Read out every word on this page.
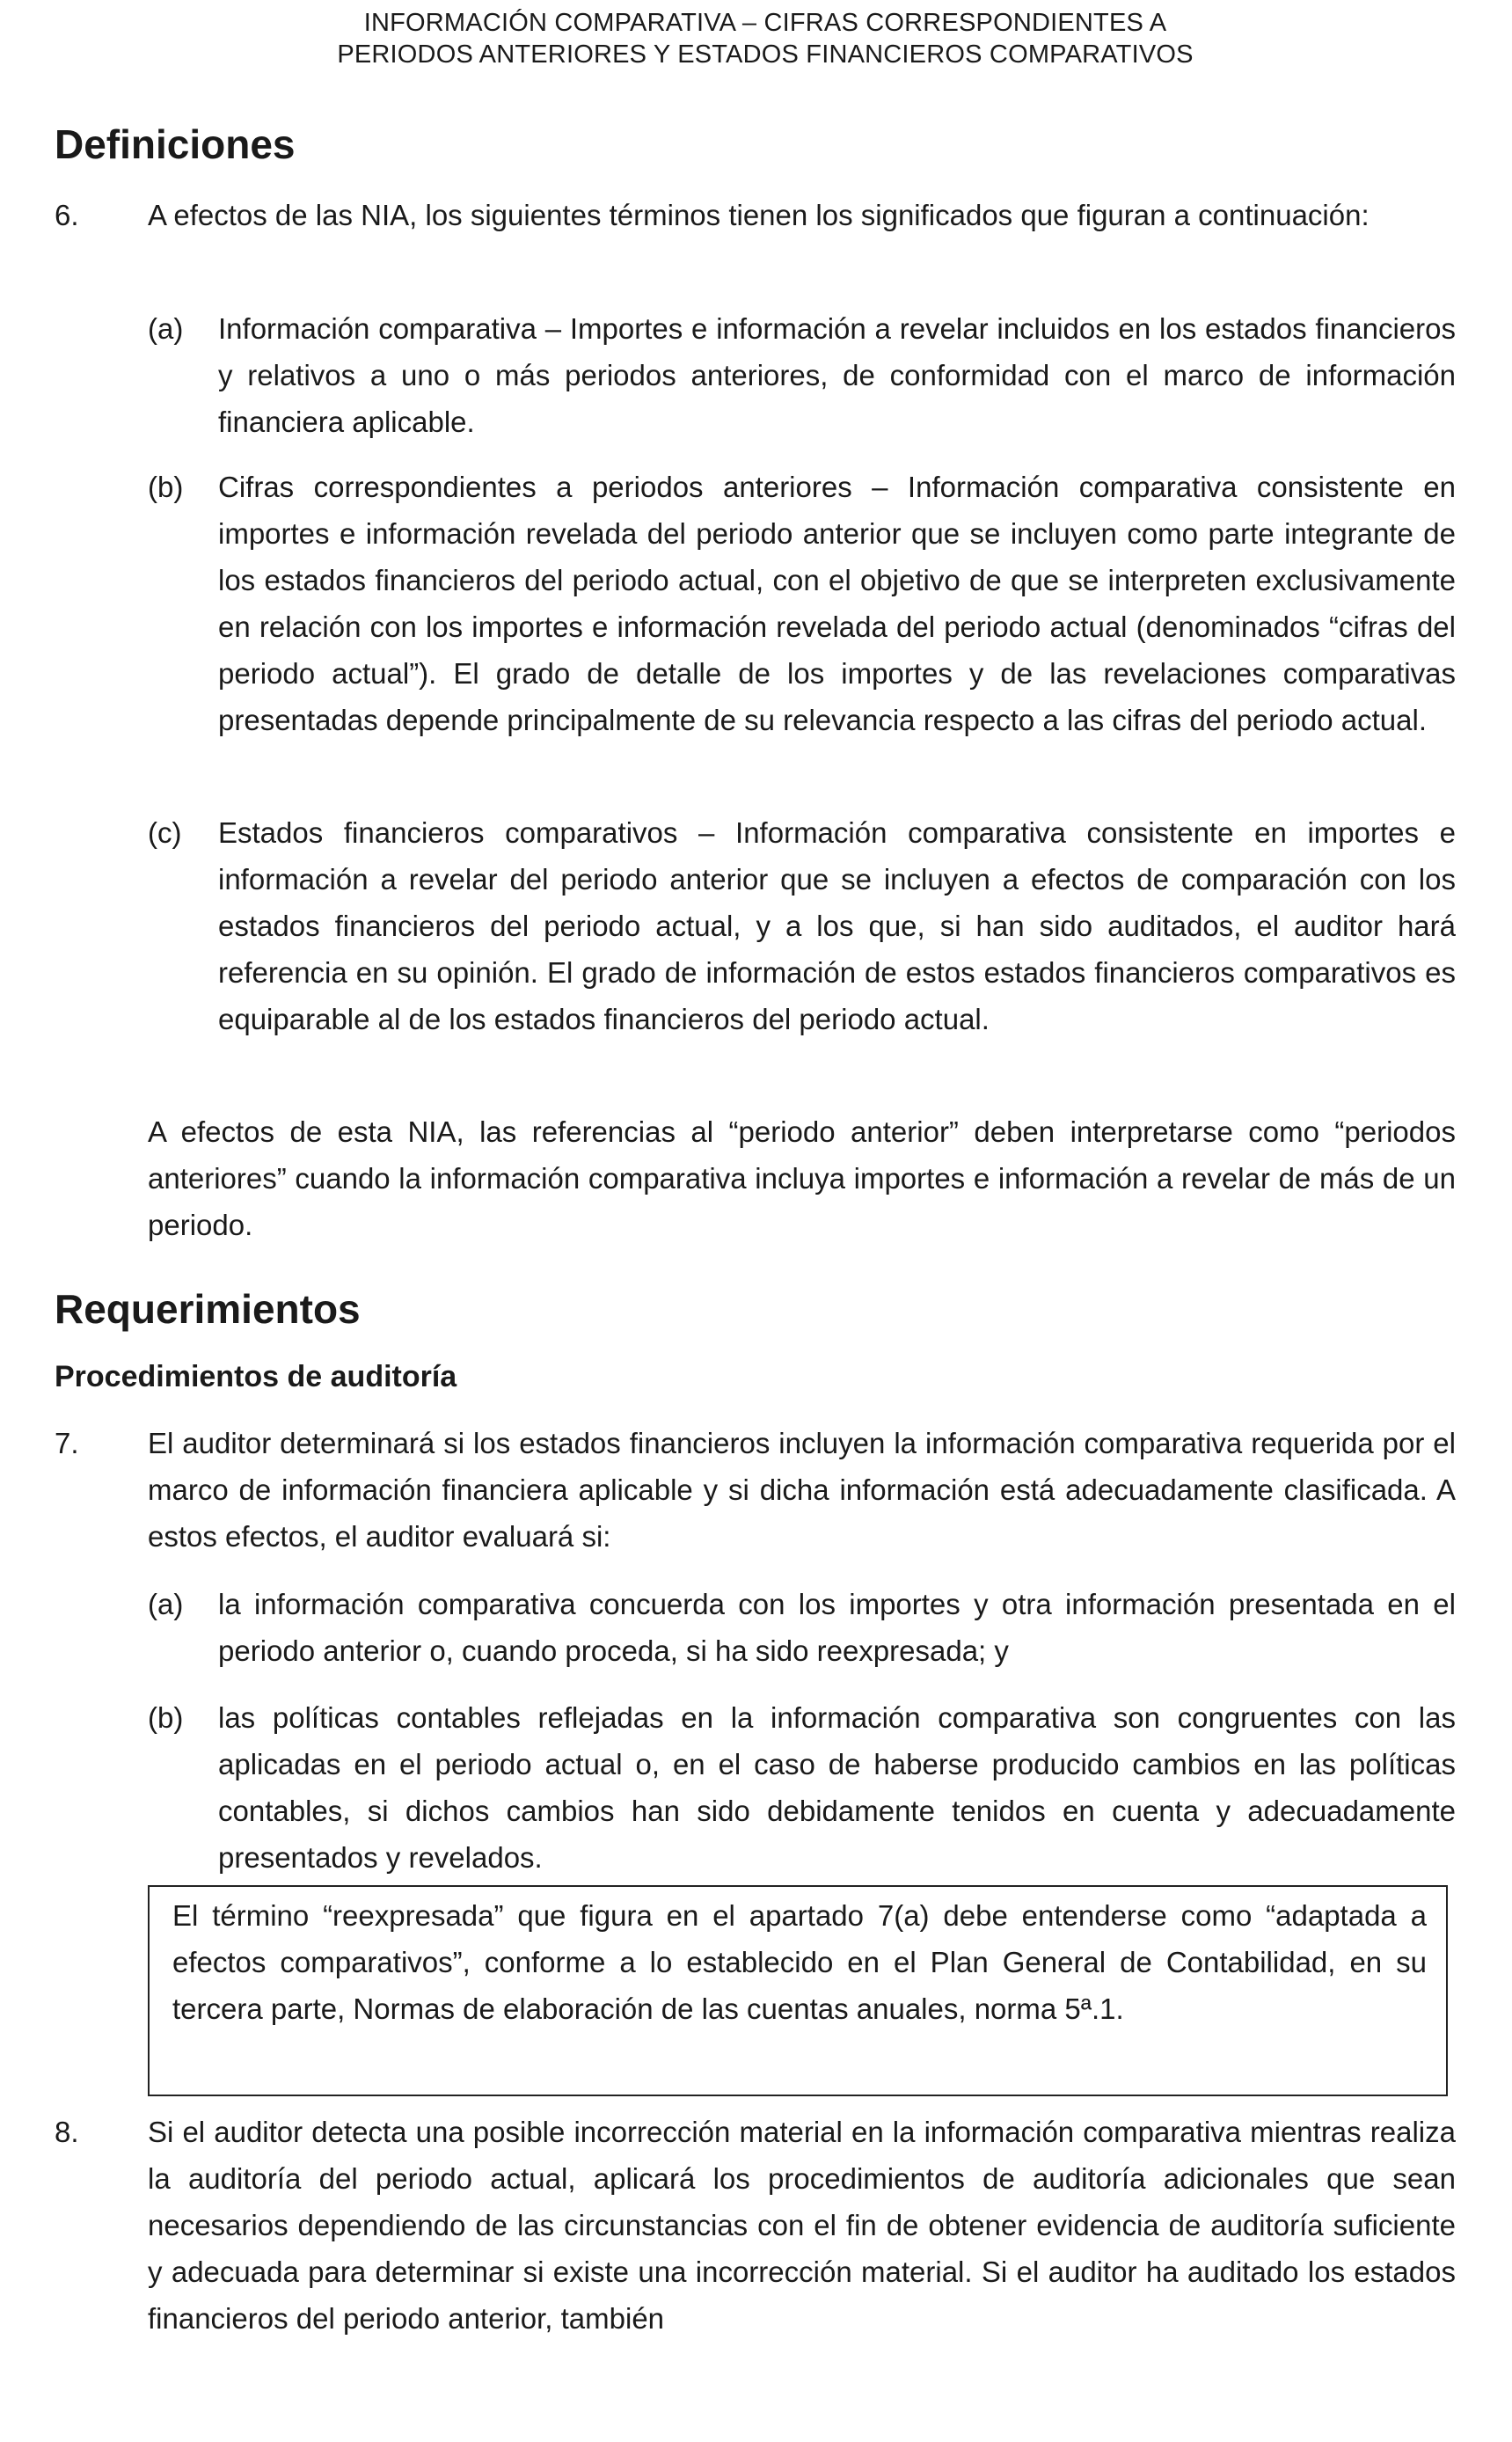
INFORMACIÓN COMPARATIVA – CIFRAS CORRESPONDIENTES A
PERIODOS ANTERIORES Y ESTADOS FINANCIEROS COMPARATIVOS
Definiciones
6. A efectos de las NIA, los siguientes términos tienen los significados que figuran a continuación:
(a) Información comparativa – Importes e información a revelar incluidos en los estados financieros y relativos a uno o más periodos anteriores, de conformidad con el marco de información financiera aplicable.
(b) Cifras correspondientes a periodos anteriores – Información comparativa consistente en importes e información revelada del periodo anterior que se incluyen como parte integrante de los estados financieros del periodo actual, con el objetivo de que se interpreten exclusivamente en relación con los importes e información revelada del periodo actual (denominados “cifras del periodo actual”). El grado de detalle de los importes y de las revelaciones comparativas presentadas depende principalmente de su relevancia respecto a las cifras del periodo actual.
(c) Estados financieros comparativos – Información comparativa consistente en importes e información a revelar del periodo anterior que se incluyen a efectos de comparación con los estados financieros del periodo actual, y a los que, si han sido auditados, el auditor hará referencia en su opinión. El grado de información de estos estados financieros comparativos es equiparable al de los estados financieros del periodo actual.
A efectos de esta NIA, las referencias al “periodo anterior” deben interpretarse como “periodos anteriores” cuando la información comparativa incluya importes e información a revelar de más de un periodo.
Requerimientos
Procedimientos de auditoría
7. El auditor determinará si los estados financieros incluyen la información comparativa requerida por el marco de información financiera aplicable y si dicha información está adecuadamente clasificada. A estos efectos, el auditor evaluará si:
(a) la información comparativa concuerda con los importes y otra información presentada en el periodo anterior o, cuando proceda, si ha sido reexpresada; y
(b) las políticas contables reflejadas en la información comparativa son congruentes con las aplicadas en el periodo actual o, en el caso de haberse producido cambios en las políticas contables, si dichos cambios han sido debidamente tenidos en cuenta y adecuadamente presentados y revelados.
El término “reexpresada” que figura en el apartado 7(a) debe entenderse como “adaptada a efectos comparativos”, conforme a lo establecido en el Plan General de Contabilidad, en su tercera parte, Normas de elaboración de las cuentas anuales, norma 5ª.1.
8. Si el auditor detecta una posible incorrección material en la información comparativa mientras realiza la auditoría del periodo actual, aplicará los procedimientos de auditoría adicionales que sean necesarios dependiendo de las circunstancias con el fin de obtener evidencia de auditoría suficiente y adecuada para determinar si existe una incorrección material. Si el auditor ha auditado los estados financieros del periodo anterior, también
